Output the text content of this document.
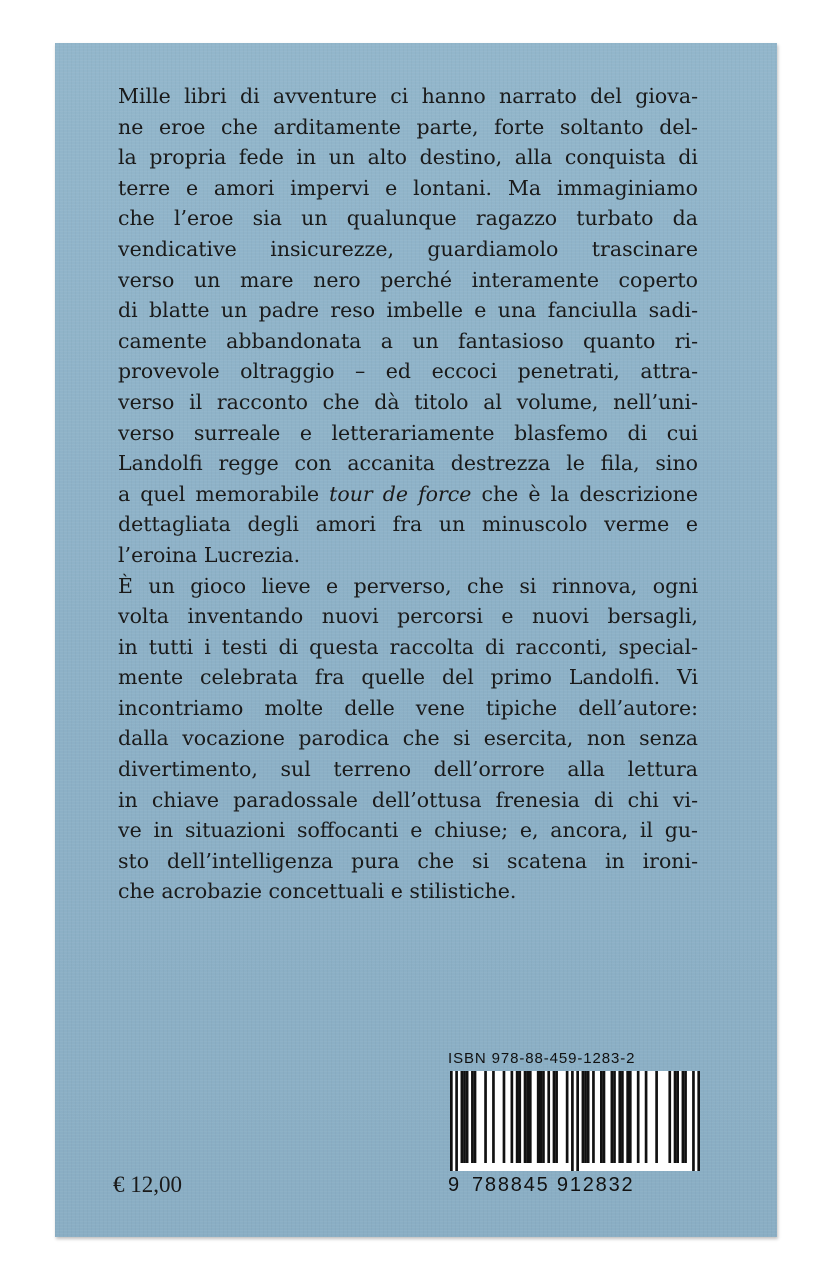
Mille libri di avventure ci hanno narrato del giova-
ne eroe che arditamente parte, forte soltanto del-
la propria fede in un alto destino, alla conquista di
terre e amori impervi e lontani. Ma immaginiamo
che l’eroe sia un qualunque ragazzo turbato da
vendicative insicurezze, guardiamolo trascinare
verso un mare nero perché interamente coperto
di blatte un padre reso imbelle e una fanciulla sadi-
camente abbandonata a un fantasioso quanto ri-
provevole oltraggio – ed eccoci penetrati, attra-
verso il racconto che dà titolo al volume, nell’uni-
verso surreale e letterariamente blasfemo di cui
Landolfi regge con accanita destrezza le fila, sino
a quel memorabile tour de force che è la descrizione
dettagliata degli amori fra un minuscolo verme e
l’eroina Lucrezia.
È un gioco lieve e perverso, che si rinnova, ogni
volta inventando nuovi percorsi e nuovi bersagli,
in tutti i testi di questa raccolta di racconti, special-
mente celebrata fra quelle del primo Landolfi. Vi
incontriamo molte delle vene tipiche dell’autore:
dalla vocazione parodica che si esercita, non senza
divertimento, sul terreno dell’orrore alla lettura
in chiave paradossale dell’ottusa frenesia di chi vi-
ve in situazioni soffocanti e chiuse; e, ancora, il gu-
sto dell’intelligenza pura che si scatena in ironi-
che acrobazie concettuali e stilistiche.

ISBN 978-88-459-1283-2

9 788845 912832

€ 12,00
